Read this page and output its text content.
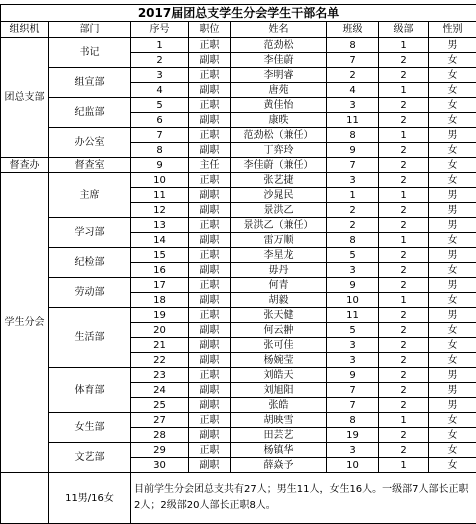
2017届团总支学生分会学生干部名单							
组织机	部门	序号	职位	姓名	班级	级部	性别
团总支部	书记	1	正职	范劲松	8	1	男
		2	副职	李佳蔚	7	2	女
	组宣部	3	正职	李明睿	2	2	女
		4	副职	唐苑	4	1	女
	纪监部	5	正职	黄佳怡	3	2	女
		6	副职	康昳	11	2	女
	办公室	7	正职	范劲松（兼任）	8	1	男
		8	副职	丁弈玲	9	2	女
督查办	督查室	9	主任	李佳蔚（兼任）	7	2	女
学生分会	主席	10	正职	张艺捷	3	2	女
		11	副职	沙晁民	1	1	男
		12	副职	景洪乙	2	2	男
	学习部	13	正职	景洪乙（兼任）	2	2	男
		14	副职	雷万顺	8	1	女
	纪检部	15	正职	李星龙	5	2	男
		16	副职	毋丹	3	2	女
	劳动部	17	正职	何青	9	2	男
		18	副职	胡毅	10	1	女
	生活部	19	正职	张天健	11	2	男
		20	副职	何云翀	5	2	女
		21	副职	张可佳	3	2	女
		22	副职	杨婉莹	3	2	女
	体育部	23	正职	刘皓天	9	2	男
		24	副职	刘旭阳	7	2	男
		25	副职	张皓	7	2	男
	女生部	27	正职	胡映雪	8	1	女
		28	副职	田芸艺	19	2	女
	文艺部	29	正职	杨镇华	3	2	女
		30	副职	薛焱予	10	1	女
	11男/16女	目前学生分会团总支共有27人；男生11人，女生16人。一级部7人部长正职2人；2级部20人部长正职8人。					
